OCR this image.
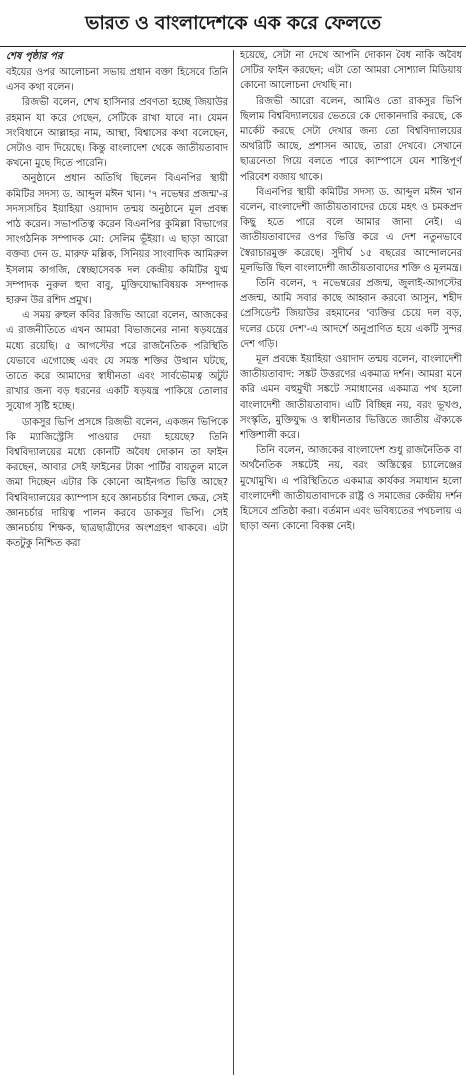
ভারত ও বাংলাদেশকে এক করে ফেলতে
শেষ পৃষ্ঠার পর

বইয়ের ওপর আলোচনা সভায় প্রধান বক্তা হিসেবে তিনি এসব কথা বলেন।

রিজভী বলেন, শেখ হাসিনার প্রবণতা হচ্ছে জিয়াউর রহমান যা করে গেছেন, সেটিকে রাখা যাবে না। যেমন সংবিধানে আল্লাহর নাম, আস্থা, বিশ্বাসের কথা বলেছেন, সেটাও বাদ দিয়েছে। কিন্তু বাংলাদেশ থেকে জাতীয়তাবাদ কখনো মুছে দিতে পারেনি।

অনুষ্ঠানে প্রধান অতিথি ছিলেন বিএনপির স্থায়ী কমিটির সদস্য ড. আব্দুল মঈন খান। '৭ নভেম্বর প্রজন্ম'-র সদস্যসচিব ইয়াহিয়া ওয়াদাদ তন্ময় অনুষ্ঠানে মূল প্রবন্ধ পাঠ করেন। সভাপতিত্ব করেন বিএনপির কুমিল্লা বিভাগের সাংগঠনিক সম্পাদক মো: সেলিম ভূঁইয়া। এ ছাড়া আরো বক্তব্য দেন ড. মারুফ মল্লিক, সিনিয়র সাংবাদিক আমিরুল ইসলাম কাগজি, স্বেচ্ছাসেবক দল কেন্দ্রীয় কমিটির যুগ্ম সম্পাদক নুরুল হুদা বাবু, মুক্তিযোদ্ধাবিষয়ক সম্পাদক হারুন উর রশিদ প্রমুখ।

এ সময় রুহুল কবির রিজভি আরো বলেন, আজকের এ রাজনীতিতে এখন আমরা বিভাজনের নানা ষড়যন্ত্রের মধ্যে রয়েছি। ৫ আগস্টের পরে রাজনৈতিক পরিস্থিতি যেভাবে এগোচ্ছে এবং যে সমস্ত শক্তির উত্থান ঘটছে, তাতে করে আমাদের স্বাধীনতা এবং সার্বভৌমত্ব অটুট রাখার জন্য বড় ধরনের একটি ষড়যন্ত্র পাকিয়ে তোলার সুযোগ সৃষ্টি হচ্ছে।

ডাকসুর ভিপি প্রসঙ্গে রিজভী বলেন, একজন ভিপিকে কি ম্যাজিস্ট্রেসি পাওয়ার দেয়া হয়েছে? তিনি বিশ্ববিদ্যালয়ের মধ্যে কোনটি অবৈধ দোকান তা ফাইন করছেন, আবার সেই ফাইনের টাকা পার্টির বায়তুল মালে জমা দিচ্ছেন এটার কি কোনো আইনগত ভিত্তি আছে? বিশ্ববিদ্যালয়ের ক্যাম্পাস হবে জ্ঞানচর্চার বিশাল ক্ষেত্র, সেই জ্ঞানচর্চার দায়িত্ব পালন করবে ডাকসুর ভিপি। সেই জ্ঞানচর্চায় শিক্ষক, ছাত্রছাত্রীদের অংশগ্রহণ থাকবে। এটা কতটুকু নিশ্চিত করা

হয়েছে, সেটা না দেখে আপনি দোকান বৈধ নাকি অবৈধ সেটির ফাইন করছেন; এটা তো আমরা সোশ্যাল মিডিয়ায় কোনো আলোচনা দেখছি না।

রিজভী আরো বলেন, আমিও তো রাকসুর ভিপি ছিলাম বিশ্ববিদ্যালয়ের ভেতরে কে দোকানদারি করছে, কে মার্কেট করছে সেটা দেখার জন্য তো বিশ্ববিদ্যালয়ের অথরিটি আছে, প্রশাসন আছে, তারা দেখবে। সেখানে ছাত্রনেতা গিয়ে বলতে পারে ক্যাম্পাসে যেন শান্তিপূর্ণ পরিবেশ বজায় থাকে।

বিএনপির স্থায়ী কমিটির সদস্য ড. আব্দুল মঈন খান বলেন, বাংলাদেশী জাতীয়তাবাদের চেয়ে মহৎ ও চমকপ্রদ কিছু হতে পারে বলে আমার জানা নেই। এ জাতীয়তাবাদের ওপর ভিত্তি করে এ দেশ নতুনভাবে স্বৈরাচারমুক্ত করেছে। সুদীর্ঘ ১৫ বছরের আন্দোলনের মূলভিত্তি ছিল বাংলাদেশী জাতীয়তাবাদের শক্তি ও মূলমন্ত্র।

তিনি বলেন, ৭ নভেম্বরের প্রজন্ম, জুলাই-আগস্টের প্রজন্ম, আমি সবার কাছে আহ্বান করবো আসুন, শহীদ প্রেসিডেন্ট জিয়াউর রহমানের 'ব্যক্তির চেয়ে দল বড়, দলের চেয়ে দেশ'-এ আদর্শে অনুপ্রাণিত হয়ে একটি সুন্দর দেশ গড়ি।

মূল প্রবন্ধে ইয়াহিয়া ওয়াদাদ তন্ময় বলেন, বাংলাদেশী জাতীয়তাবাদ: সঙ্কট উত্তরণের একমাত্র দর্শন। আমরা মনে করি এমন বহুমুখী সঙ্কটে সমাধানের একমাত্র পথ হলো বাংলাদেশী জাতীয়তাবাদ। এটি বিচ্ছিন্ন নয়, বরং ভূখণ্ড, সংস্কৃতি, মুক্তিযুদ্ধ ও স্বাধীনতার ভিত্তিতে জাতীয় ঐক্যকে শক্তিশালী করে।

তিনি বলেন, আজকের বাংলাদেশ শুধু রাজনৈতিক বা অর্থনৈতিক সঙ্কটেই নয়, বরং অস্তিত্বের চ্যালেঞ্জের মুখোমুখি। এ পরিস্থিতিতে একমাত্র কার্যকর সমাধান হলো বাংলাদেশী জাতীয়তাবাদকে রাষ্ট্র ও সমাজের কেন্দ্রীয় দর্শন হিসেবে প্রতিষ্ঠা করা। বর্তমান এবং ভবিষ্যতের পথচলায় এ ছাড়া অন্য কোনো বিকল্প নেই।
